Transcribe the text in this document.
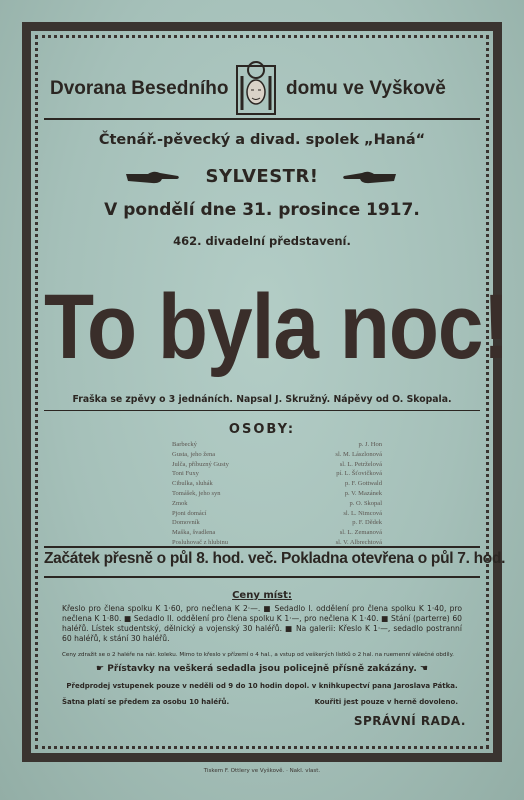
Dvorana Besedního	domu ve Vyškově
Čtenář.-pěvecký a divad. spolek „Haná“
SYLVESTR!
V pondělí dne 31. prosince 1917.
462. divadelní představení.
To byla noc!
Fraška se zpěvy o 3 jednáních. Napsal J. Skružný. Nápěvy od O. Skopala.
OSOBY:
Barbecký	p. J. Hon
Gusta, jeho žena	sl. M. Lászlonová
Julča, příbuzný Gusty	sl. L. Petrželová
Toni Fuxy	pí. L. Šťovičková
Cibulka, sluhák	p. F. Gottwald
Tomášek, jeho syn	p. V. Mazánek
Zmok	p. O. Skopal
Pjoni domácí	sl. L. Nimcová
Domovník	p. F. Dědek
Maška, švadlena	sl. L. Zemanová
Posluhovač z hlubinu	sl. V. Albrechtová
Začátek přesně o půl 8. hod. več. Pokladna otevřena o půl 7. hod.
Ceny míst:
Křeslo pro člena spolku K 1·60, pro nečlena K 2·—. ■ Sedadlo I. oddělení pro člena spolku K 1·40, pro nečlena K 1·80. ■ Sedadlo II. oddělení pro člena spolku K 1·—, pro nečlena K 1·40. ■ Stání (parterre) 60 haléřů. Lístek studentský, dělnický a vojenský 30 haléřů. ■ Na galerii: Křeslo K 1·—, sedadlo postranní 60 haléřů, k stání 30 haléřů.
Ceny zdražit se o 2 haléře na nár. koleku. Mimo to křeslo v přízemí o 4 hal., a vstup od veškerých lístků o 2 hal. na ruemenní válečné obdíly.
☛ Přístavky na veškerá sedadla jsou policejně přísně zakázány. ☚
Předprodej vstupenek pouze v neděli od 9 do 10 hodin dopol. v knihkupectví pana Jaroslava Pátka.
Šatna platí se předem za osobu 10 haléřů.	Kouřiti jest pouze v herně dovoleno.
SPRÁVNÍ RADA.
Tiskem F. Ottlery ve Vyškově. · Nakl. vlast.
